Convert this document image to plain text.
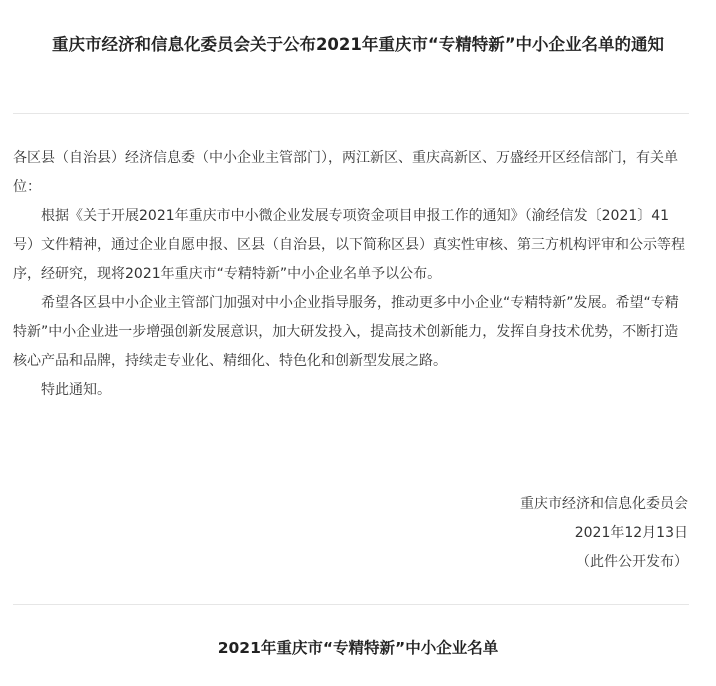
重庆市经济和信息化委员会关于公布2021年重庆市“专精特新”中小企业名单的通知

各区县（自治县）经济信息委（中小企业主管部门），两江新区、重庆高新区、万盛经开区经信部门，有关单位：

根据《关于开展2021年重庆市中小微企业发展专项资金项目申报工作的通知》（渝经信发〔2021〕41号）文件精神，通过企业自愿申报、区县（自治县，以下简称区县）真实性审核、第三方机构评审和公示等程序，经研究，现将2021年重庆市“专精特新”中小企业名单予以公布。

希望各区县中小企业主管部门加强对中小企业指导服务，推动更多中小企业“专精特新”发展。希望“专精特新”中小企业进一步增强创新发展意识，加大研发投入，提高技术创新能力，发挥自身技术优势，不断打造核心产品和品牌，持续走专业化、精细化、特色化和创新型发展之路。

特此通知。

重庆市经济和信息化委员会
2021年12月13日
（此件公开发布）
2021年重庆市“专精特新”中小企业名单
